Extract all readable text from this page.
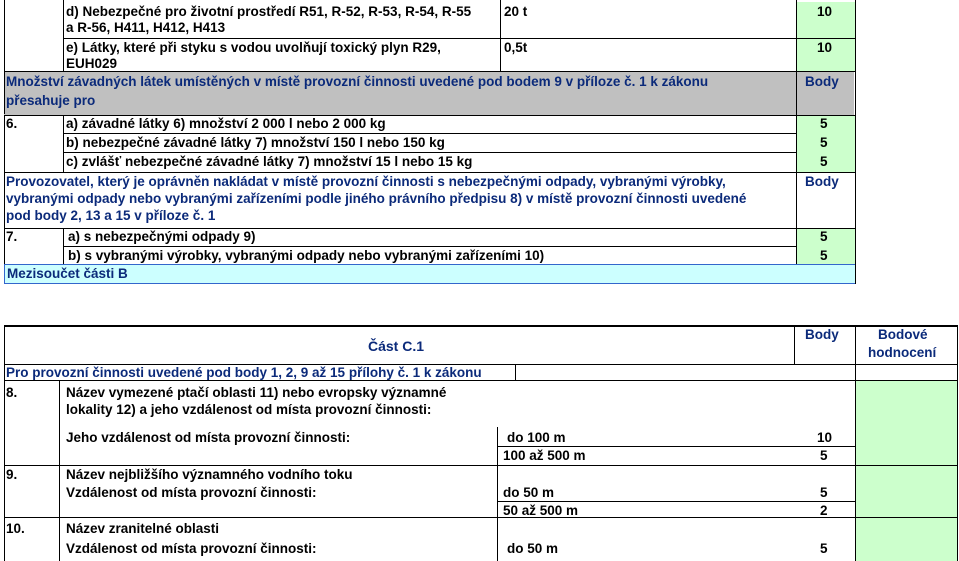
d) Nebezpečné pro životní prostředí R51, R-52, R-53, R-54, R-55
a R-56, H411, H412, H413
20 t	10
e) Látky, které při styku s vodou uvolňují toxický plyn R29,
EUH029
0,5t	10
Množství závadných látek umístěných v místě provozní činnosti uvedené pod bodem 9 v příloze č. 1 k zákonu
přesahuje pro
Body
6.	a) závadné látky 6) množství 2 000 l nebo 2 000 kg	5
b) nebezpečné závadné látky 7) množství 150 l nebo 150 kg	5
c) zvlášť nebezpečné závadné látky 7) množství 15 l nebo 15 kg	5
Provozovatel, který je oprávněn nakládat v místě provozní činnosti s nebezpečnými odpady, vybranými výrobky,
vybranými odpady nebo vybranými zařízeními podle jiného právního předpisu 8) v místě provozní činnosti uvedené
pod body 2, 13 a 15 v příloze č. 1
Body
7.	a) s nebezpečnými odpady 9)	5
b) s vybranými výrobky, vybranými odpady nebo vybranými zařízeními 10)	5
Mezisoučet části B
Část C.1
Body	Bodové
hodnocení
Pro provozní činnosti uvedené pod body 1, 2, 9 až 15 přílohy č. 1 k zákonu
8.	Název vymezené ptačí oblasti 11) nebo evropsky významné
lokality 12) a jeho vzdálenost od místa provozní činnosti:
Jeho vzdálenost od místa provozní činnosti:	do 100 m	10
100 až 500 m	5
9.	Název nejbližšího významného vodního toku
Vzdálenost od místa provozní činnosti:	do 50 m	5
50 až 500 m	2
10.	Název zranitelné oblasti
Vzdálenost od místa provozní činnosti:	do 50 m	5
